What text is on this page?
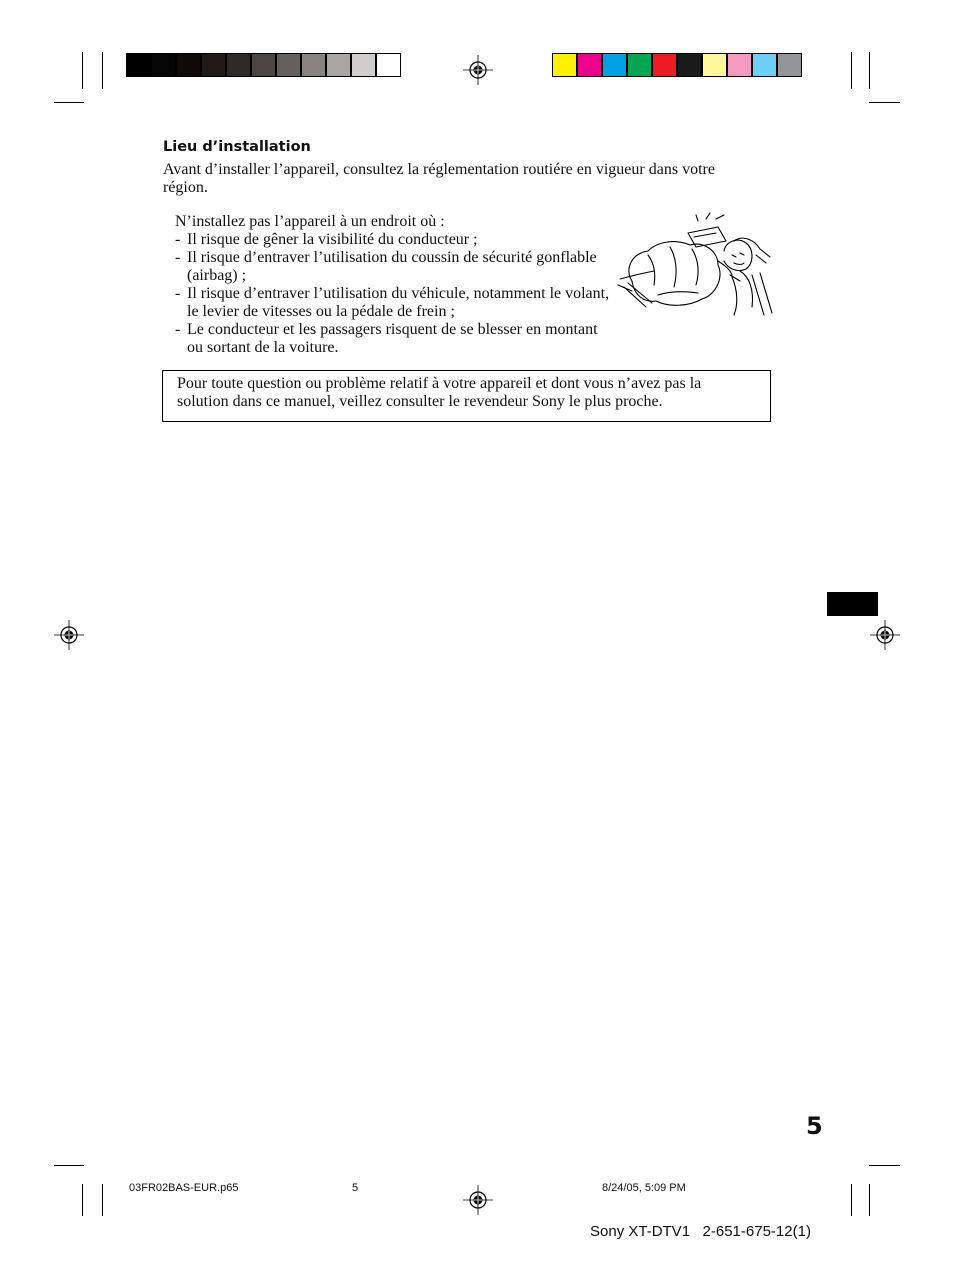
Lieu d’installation
Avant d’installer l’appareil, consultez la réglementation routiére en vigueur dans votre région.
N’installez pas l’appareil à un endroit où :
- Il risque de gêner la visibilité du conducteur ;
- Il risque d’entraver l’utilisation du coussin de sécurité gonflable (airbag) ;
- Il risque d’entraver l’utilisation du véhicule, notamment le volant, le levier de vitesses ou la pédale de frein ;
- Le conducteur et les passagers risquent de se blesser en montant ou sortant de la voiture.
Pour toute question ou problème relatif à votre appareil et dont vous n’avez pas la solution dans ce manuel, veillez consulter le revendeur Sony le plus proche.
5
03FR02BAS-EUR.p65	5	8/24/05, 5:09 PM
Sony XT-DTV1   2-651-675-12(1)
